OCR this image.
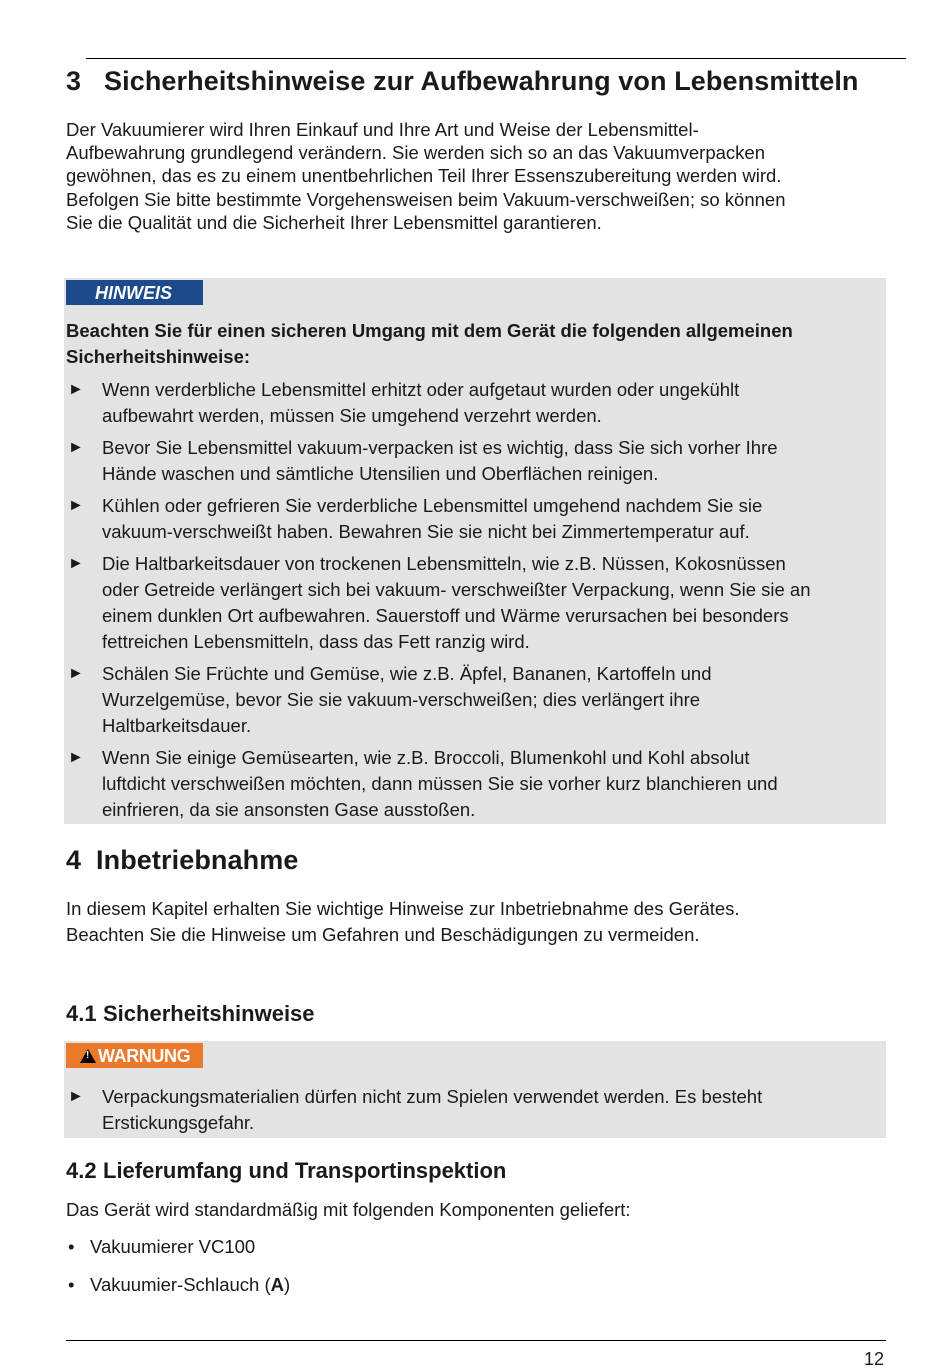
3 Sicherheitshinweise zur Aufbewahrung von Lebensmitteln

Der Vakuumierer wird Ihren Einkauf und Ihre Art und Weise der Lebensmittel-
Aufbewahrung grundlegend verändern. Sie werden sich so an das Vakuumverpacken
gewöhnen, das es zu einem unentbehrlichen Teil Ihrer Essenszubereitung werden wird.
Befolgen Sie bitte bestimmte Vorgehensweisen beim Vakuum-verschweißen; so können
Sie die Qualität und die Sicherheit Ihrer Lebensmittel garantieren.

HINWEIS

Beachten Sie für einen sicheren Umgang mit dem Gerät die folgenden allgemeinen
Sicherheitshinweise:

► Wenn verderbliche Lebensmittel erhitzt oder aufgetaut wurden oder ungekühlt
aufbewahrt werden, müssen Sie umgehend verzehrt werden.
► Bevor Sie Lebensmittel vakuum-verpacken ist es wichtig, dass Sie sich vorher Ihre
Hände waschen und sämtliche Utensilien und Oberflächen reinigen.
► Kühlen oder gefrieren Sie verderbliche Lebensmittel umgehend nachdem Sie sie
vakuum-verschweißt haben. Bewahren Sie sie nicht bei Zimmertemperatur auf.
► Die Haltbarkeitsdauer von trockenen Lebensmitteln, wie z.B. Nüssen, Kokosnüssen
oder Getreide verlängert sich bei vakuum- verschweißter Verpackung, wenn Sie sie an
einem dunklen Ort aufbewahren. Sauerstoff und Wärme verursachen bei besonders
fettreichen Lebensmitteln, dass das Fett ranzig wird.
► Schälen Sie Früchte und Gemüse, wie z.B. Äpfel, Bananen, Kartoffeln und
Wurzelgemüse, bevor Sie sie vakuum-verschweißen; dies verlängert ihre
Haltbarkeitsdauer.
► Wenn Sie einige Gemüsearten, wie z.B. Broccoli, Blumenkohl und Kohl absolut
luftdicht verschweißen möchten, dann müssen Sie sie vorher kurz blanchieren und
einfrieren, da sie ansonsten Gase ausstoßen.
4 Inbetriebnahme

In diesem Kapitel erhalten Sie wichtige Hinweise zur Inbetriebnahme des Gerätes.
Beachten Sie die Hinweise um Gefahren und Beschädigungen zu vermeiden.

4.1 Sicherheitshinweise
!WARNUNG
► Verpackungsmaterialien dürfen nicht zum Spielen verwendet werden. Es besteht
Erstickungsgefahr.
4.2 Lieferumfang und Transportinspektion

Das Gerät wird standardmäßig mit folgenden Komponenten geliefert:

• Vakuumierer VC100
• Vakuumier-Schlauch (A)
12
